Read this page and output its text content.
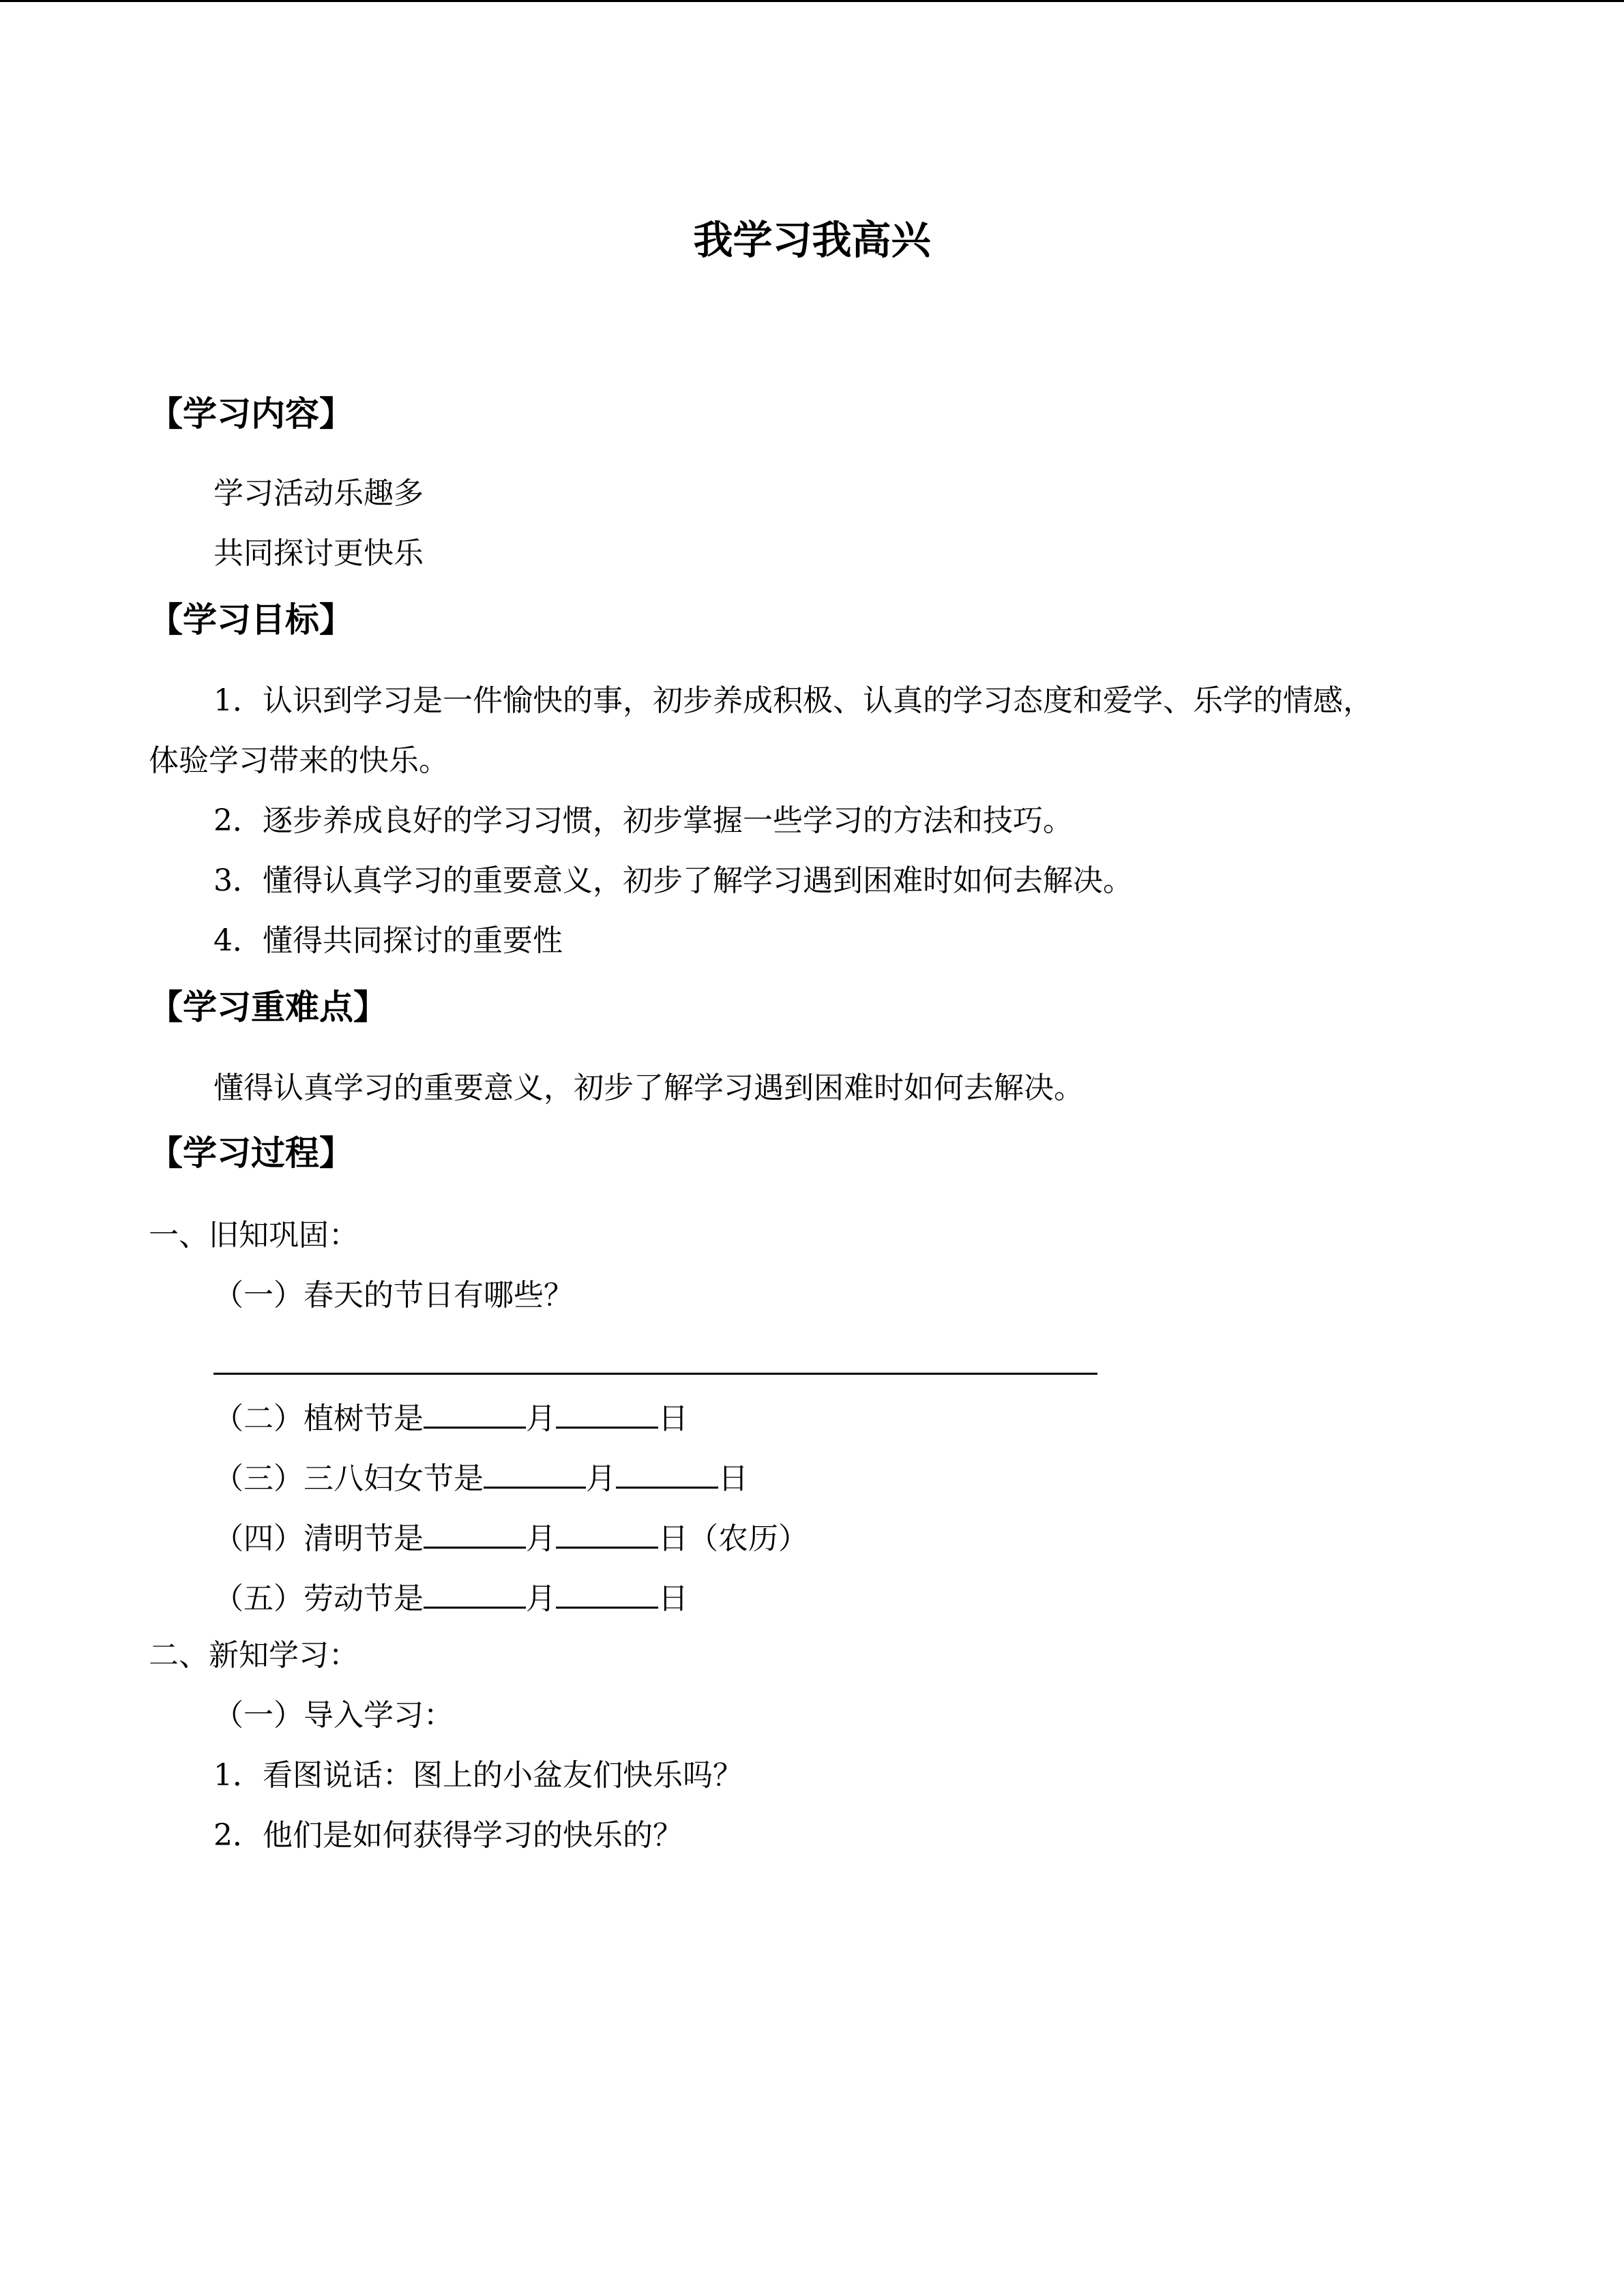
我学习我高兴
【学习内容】
学习活动乐趣多
共同探讨更快乐
【学习目标】
1．认识到学习是一件愉快的事，初步养成积极、认真的学习态度和爱学、乐学的情感，
体验学习带来的快乐。
2．逐步养成良好的学习习惯，初步掌握一些学习的方法和技巧。
3．懂得认真学习的重要意义，初步了解学习遇到困难时如何去解决。
4．懂得共同探讨的重要性
【学习重难点】
懂得认真学习的重要意义，初步了解学习遇到困难时如何去解决。
【学习过程】
一、旧知巩固：
（一）春天的节日有哪些？
（二）植树节是	月	日
（三）三八妇女节是	月	日
（四）清明节是	月	日（农历）
（五）劳动节是	月	日
二、新知学习：
（一）导入学习：
1．看图说话：图上的小盆友们快乐吗？
2．他们是如何获得学习的快乐的？
